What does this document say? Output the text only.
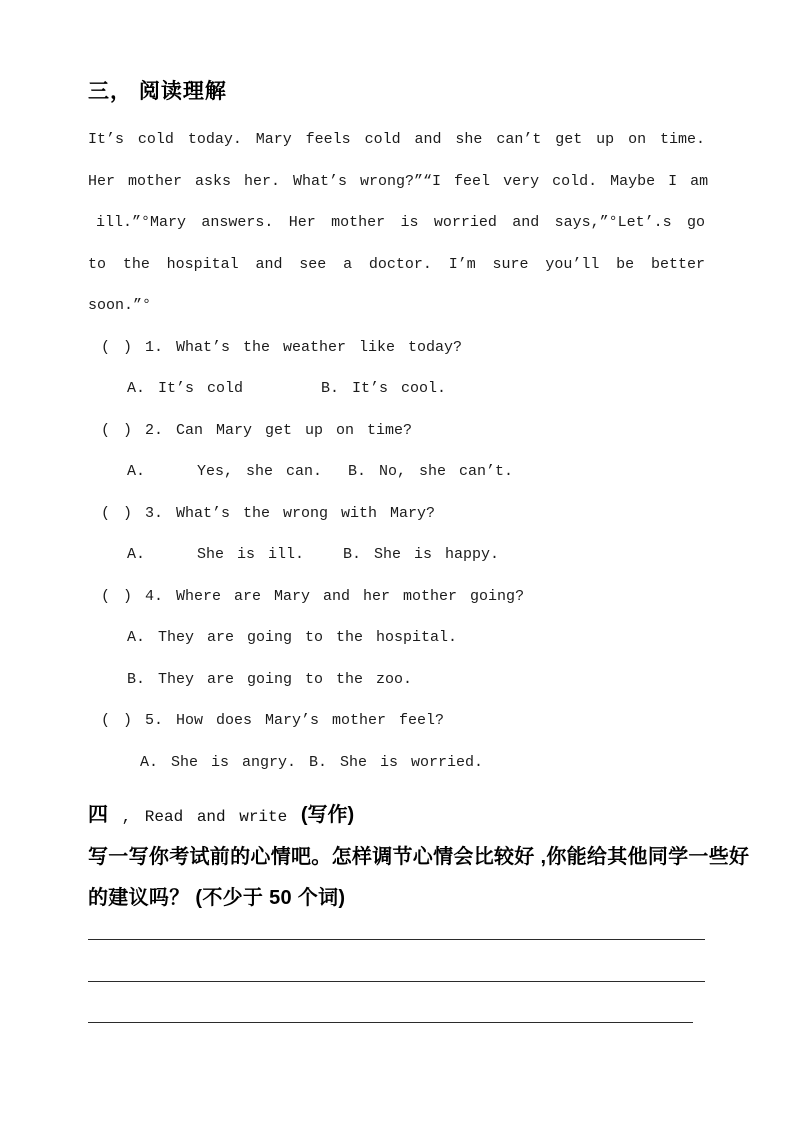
三， 阅读理解
It’s cold today. Mary feels cold and she can’t get up on time.
Her mother asks her. What’s wrong?”“I feel very cold. Maybe I am
ill.”°Mary answers. Her mother is worried and says,”°Let’.s go
to the hospital and see a doctor. I’m sure you’ll be better
soon.”°
( ) 1. What’s the weather like today?
A. It’s cold      B. It’s cool.
( ) 2. Can Mary get up on time?
A.    Yes, she can.  B. No, she can’t.
( ) 3. What’s the wrong with Mary?
A.    She is ill.   B. She is happy.
( ) 4. Where are Mary and her mother going?
A. They are going to the hospital.
B. They are going to the zoo.
( ) 5. How does Mary’s mother feel?
A. She is angry. B. She is worried.
四 , Read and write (写作)
写一写你考试前的心情吧。怎样调节心情会比较好 ,你能给其他同学一些好
的建议吗？ (不少于 50 个词)
